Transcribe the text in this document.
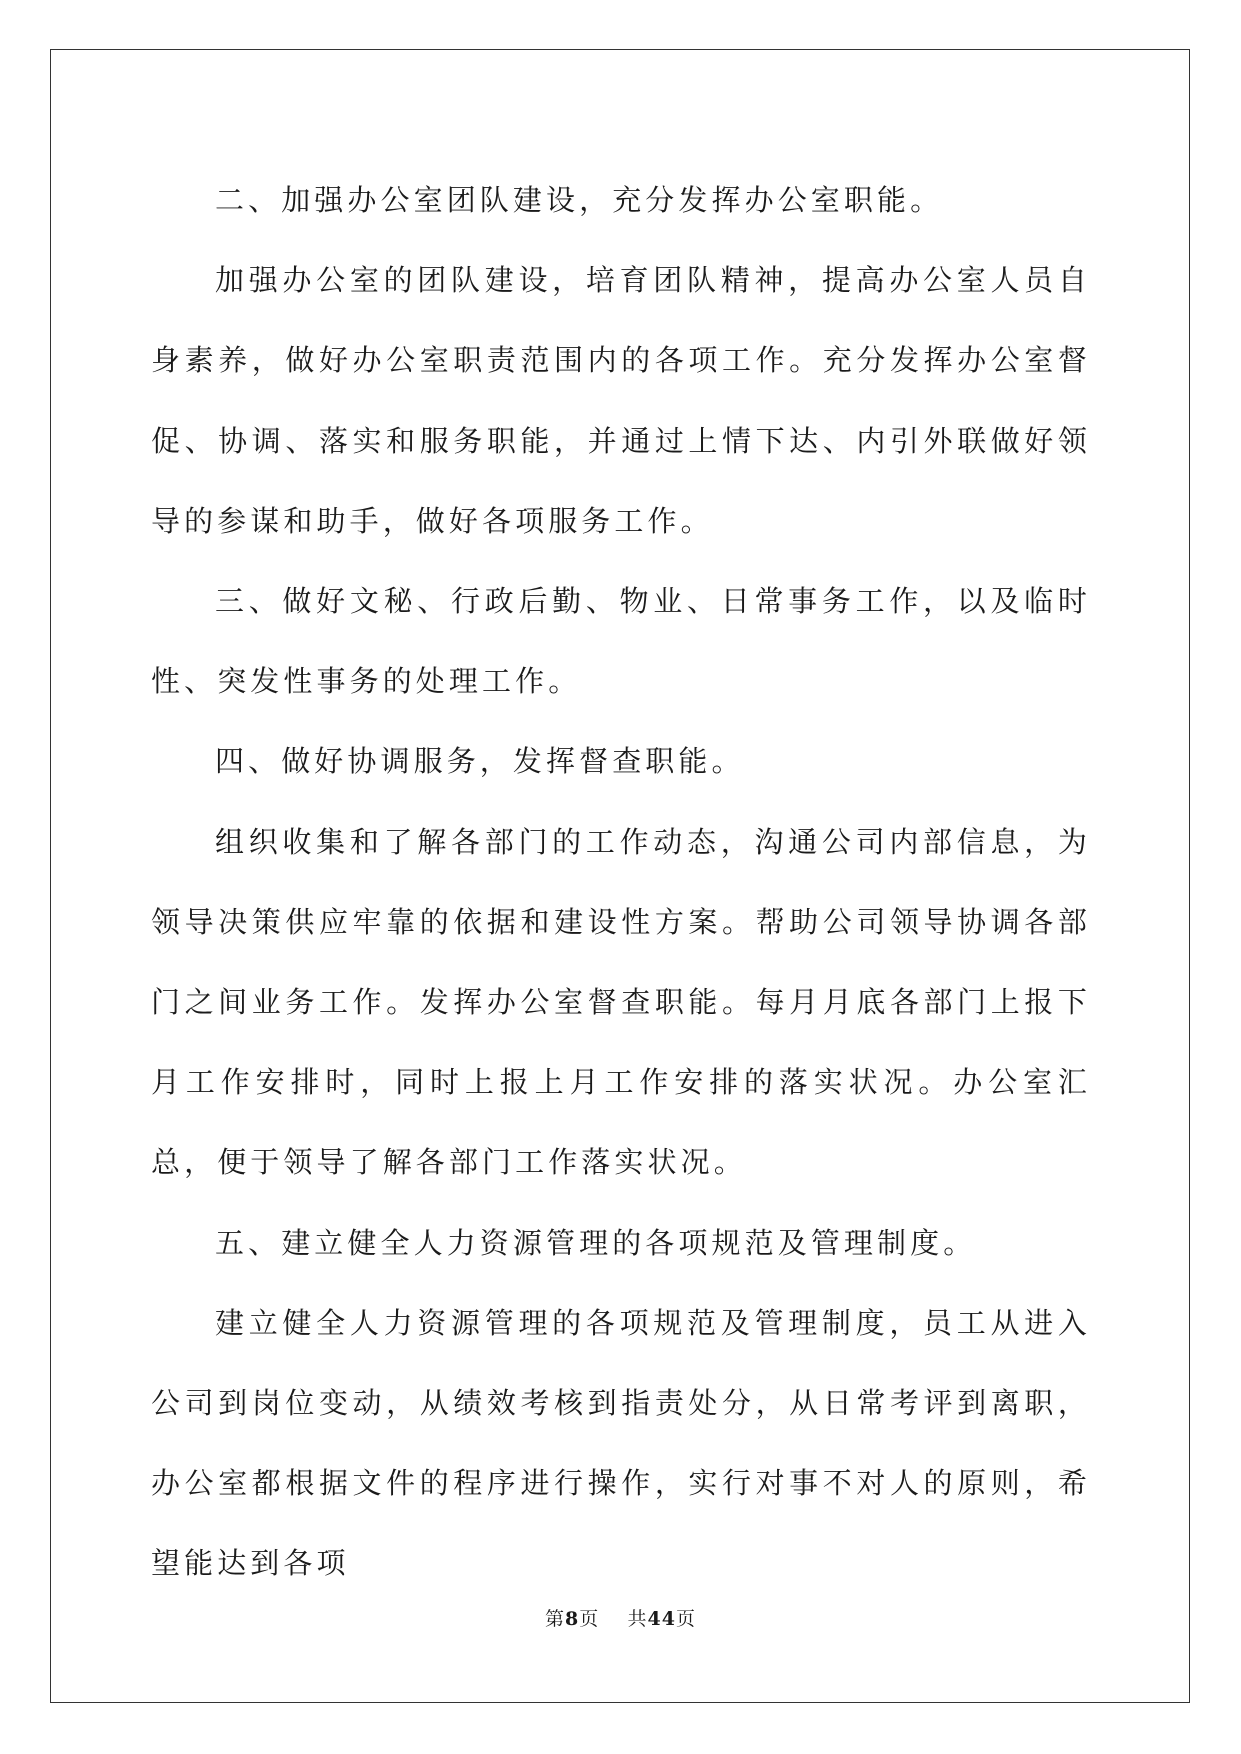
二、加强办公室团队建设，充分发挥办公室职能。

加强办公室的团队建设，培育团队精神，提高办公室人员自身素养，做好办公室职责范围内的各项工作。充分发挥办公室督促、协调、落实和服务职能，并通过上情下达、内引外联做好领导的参谋和助手，做好各项服务工作。

三、做好文秘、行政后勤、物业、日常事务工作，以及临时性、突发性事务的处理工作。

四、做好协调服务，发挥督查职能。

组织收集和了解各部门的工作动态，沟通公司内部信息，为领导决策供应牢靠的依据和建设性方案。帮助公司领导协调各部门之间业务工作。发挥办公室督查职能。每月月底各部门上报下月工作安排时，同时上报上月工作安排的落实状况。办公室汇总，便于领导了解各部门工作落实状况。

五、建立健全人力资源管理的各项规范及管理制度。

建立健全人力资源管理的各项规范及管理制度，员工从进入公司到岗位变动，从绩效考核到指责处分，从日常考评到离职，办公室都根据文件的程序进行操作，实行对事不对人的原则，希望能达到各项

第8页 共44页
